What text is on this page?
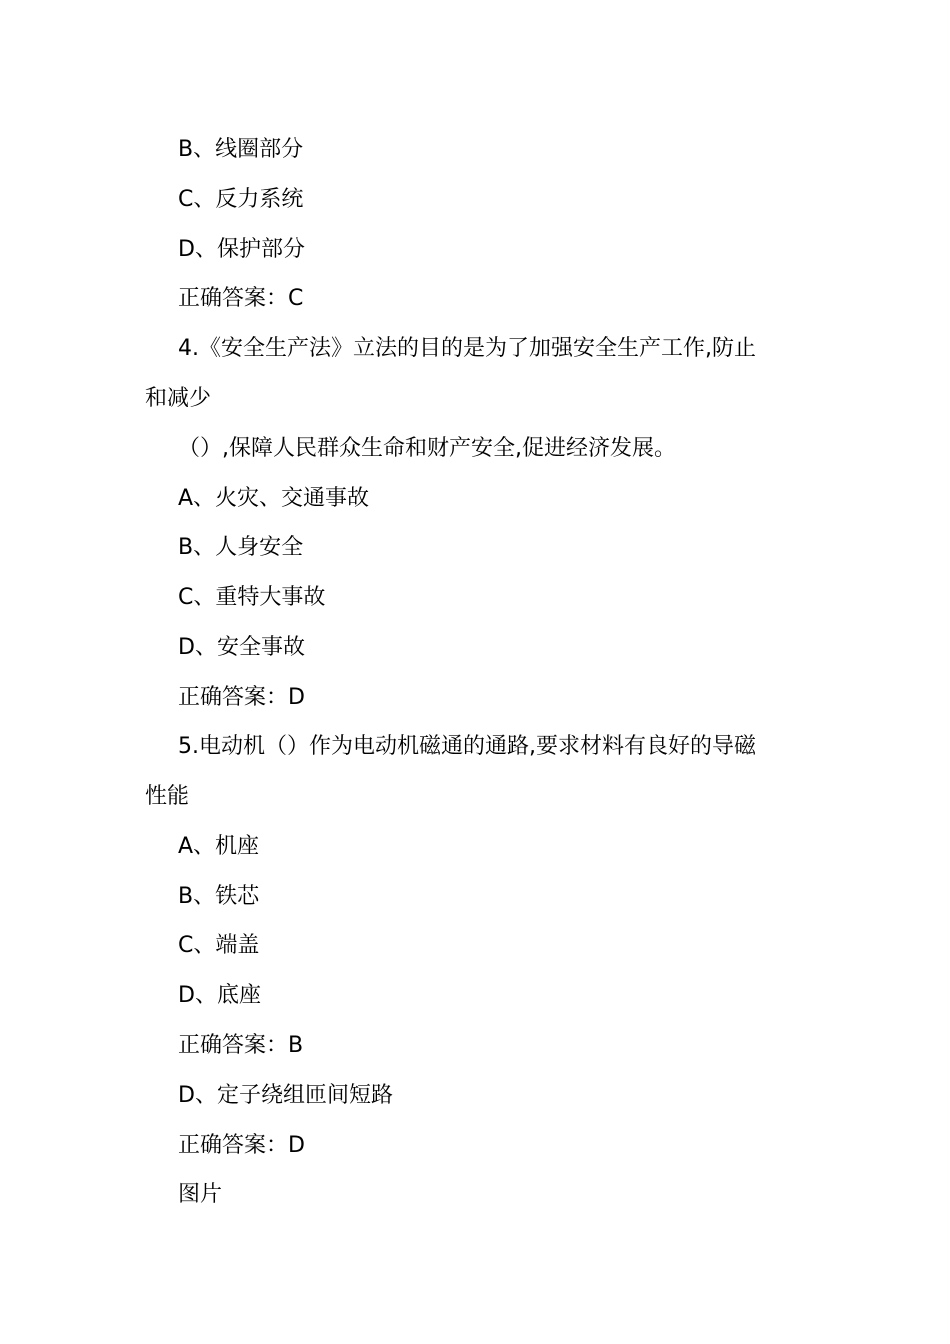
B、线圈部分
C、反力系统
D、保护部分
正确答案：C
4.《安全生产法》立法的目的是为了加强安全生产工作,防止
和减少
（）,保障人民群众生命和财产安全,促进经济发展。
A、火灾、交通事故
B、人身安全
C、重特大事故
D、安全事故
正确答案：D
5.电动机（）作为电动机磁通的通路,要求材料有良好的导磁
性能
A、机座
B、铁芯
C、端盖
D、底座
正确答案：B
D、定子绕组匝间短路
正确答案：D
图片
